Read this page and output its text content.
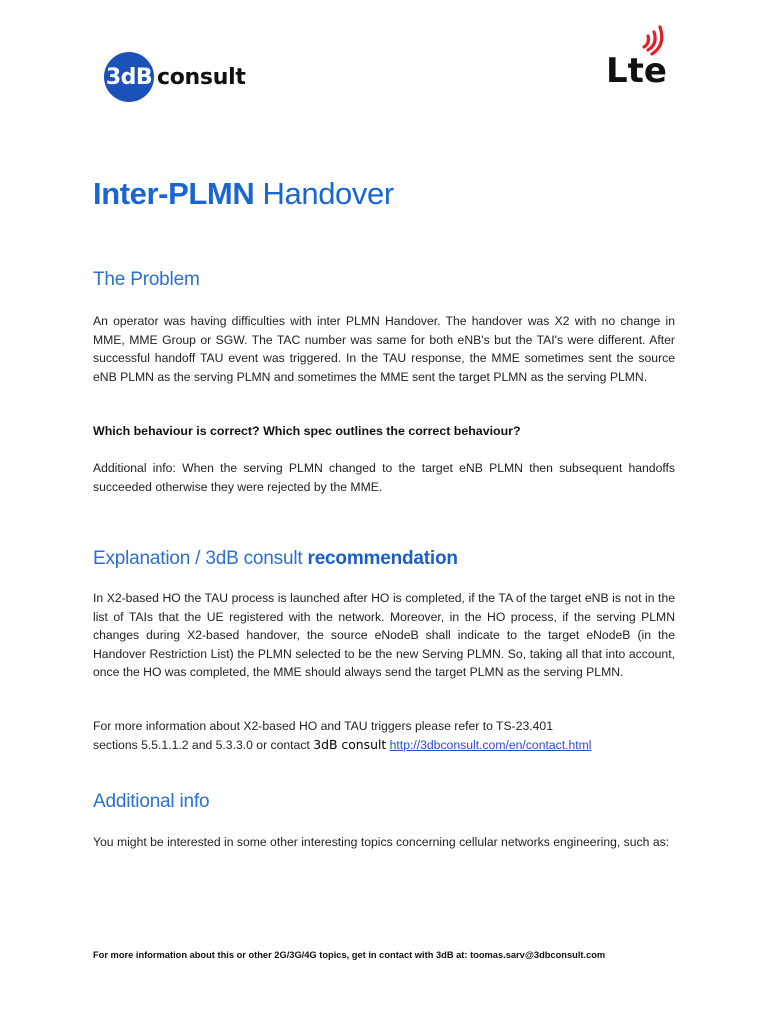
3dB consult	Lte
Inter-PLMN Handover
The Problem
An operator was having difficulties with inter PLMN Handover. The handover was X2 with no change in MME, MME Group or SGW. The TAC number was same for both eNB's but the TAI's were different. After successful handoff TAU event was triggered. In the TAU response, the MME sometimes sent the source eNB PLMN as the serving PLMN and sometimes the MME sent the target PLMN as the serving PLMN.
Which behaviour is correct? Which spec outlines the correct behaviour?
Additional info: When the serving PLMN changed to the target eNB PLMN then subsequent handoffs succeeded otherwise they were rejected by the MME.
Explanation / 3dB consult recommendation
In X2-based HO the TAU process is launched after HO is completed, if the TA of the target eNB is not in the list of TAIs that the UE registered with the network. Moreover, in the HO process, if the serving PLMN changes during X2-based handover, the source eNodeB shall indicate to the target eNodeB (in the Handover Restriction List) the PLMN selected to be the new Serving PLMN. So, taking all that into account, once the HO was completed, the MME should always send the target PLMN as the serving PLMN.
For more information about X2-based HO and TAU triggers please refer to TS-23.401
sections 5.5.1.1.2 and 5.3.3.0 or contact 3dB consult http://3dbconsult.com/en/contact.html
Additional info
You might be interested in some other interesting topics concerning cellular networks engineering, such as:
For more information about this or other 2G/3G/4G topics, get in contact with 3dB at: toomas.sarv@3dbconsult.com
